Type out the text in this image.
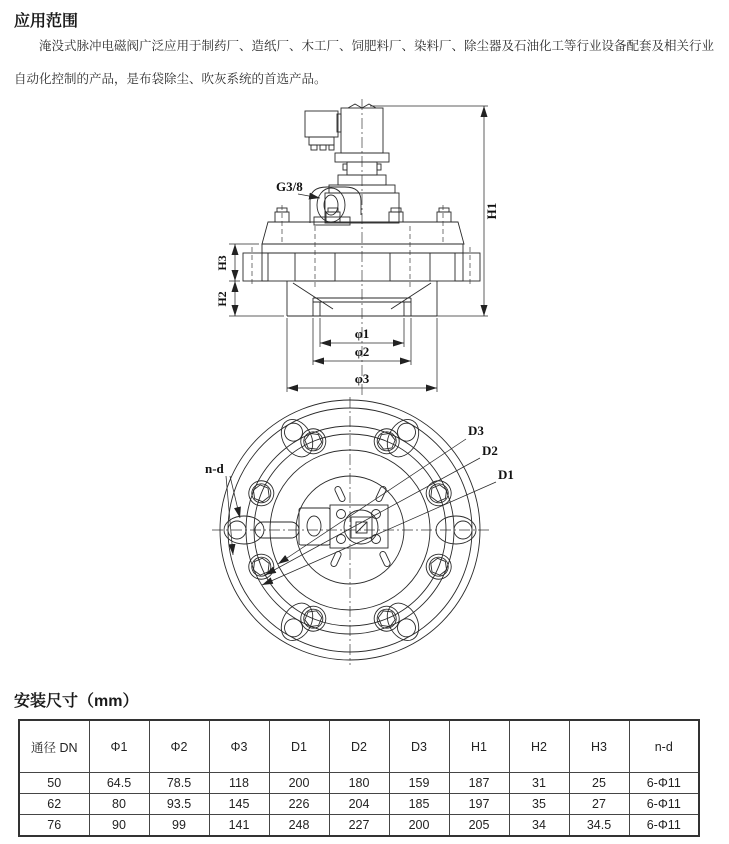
应用范围

淹没式脉冲电磁阀广泛应用于制药厂、造纸厂、木工厂、饲肥料厂、染料厂、除尘器及石油化工等行业设备配套及相关行业自动化控制的产品，是布袋除尘、吹灰系统的首选产品。

H1
H3
H2
φ1
φ2
φ3
G3/8
n-d
D3
D2
D1
安装尺寸（mm）
通径 DN	Φ1	Φ2	Φ3	D1	D2	D3	H1	H2	H3	n-d
50	64.5	78.5	118	200	180	159	187	31	25	6-Φ11
62	80	93.5	145	226	204	185	197	35	27	6-Φ11
76	90	99	141	248	227	200	205	34	34.5	6-Φ11
